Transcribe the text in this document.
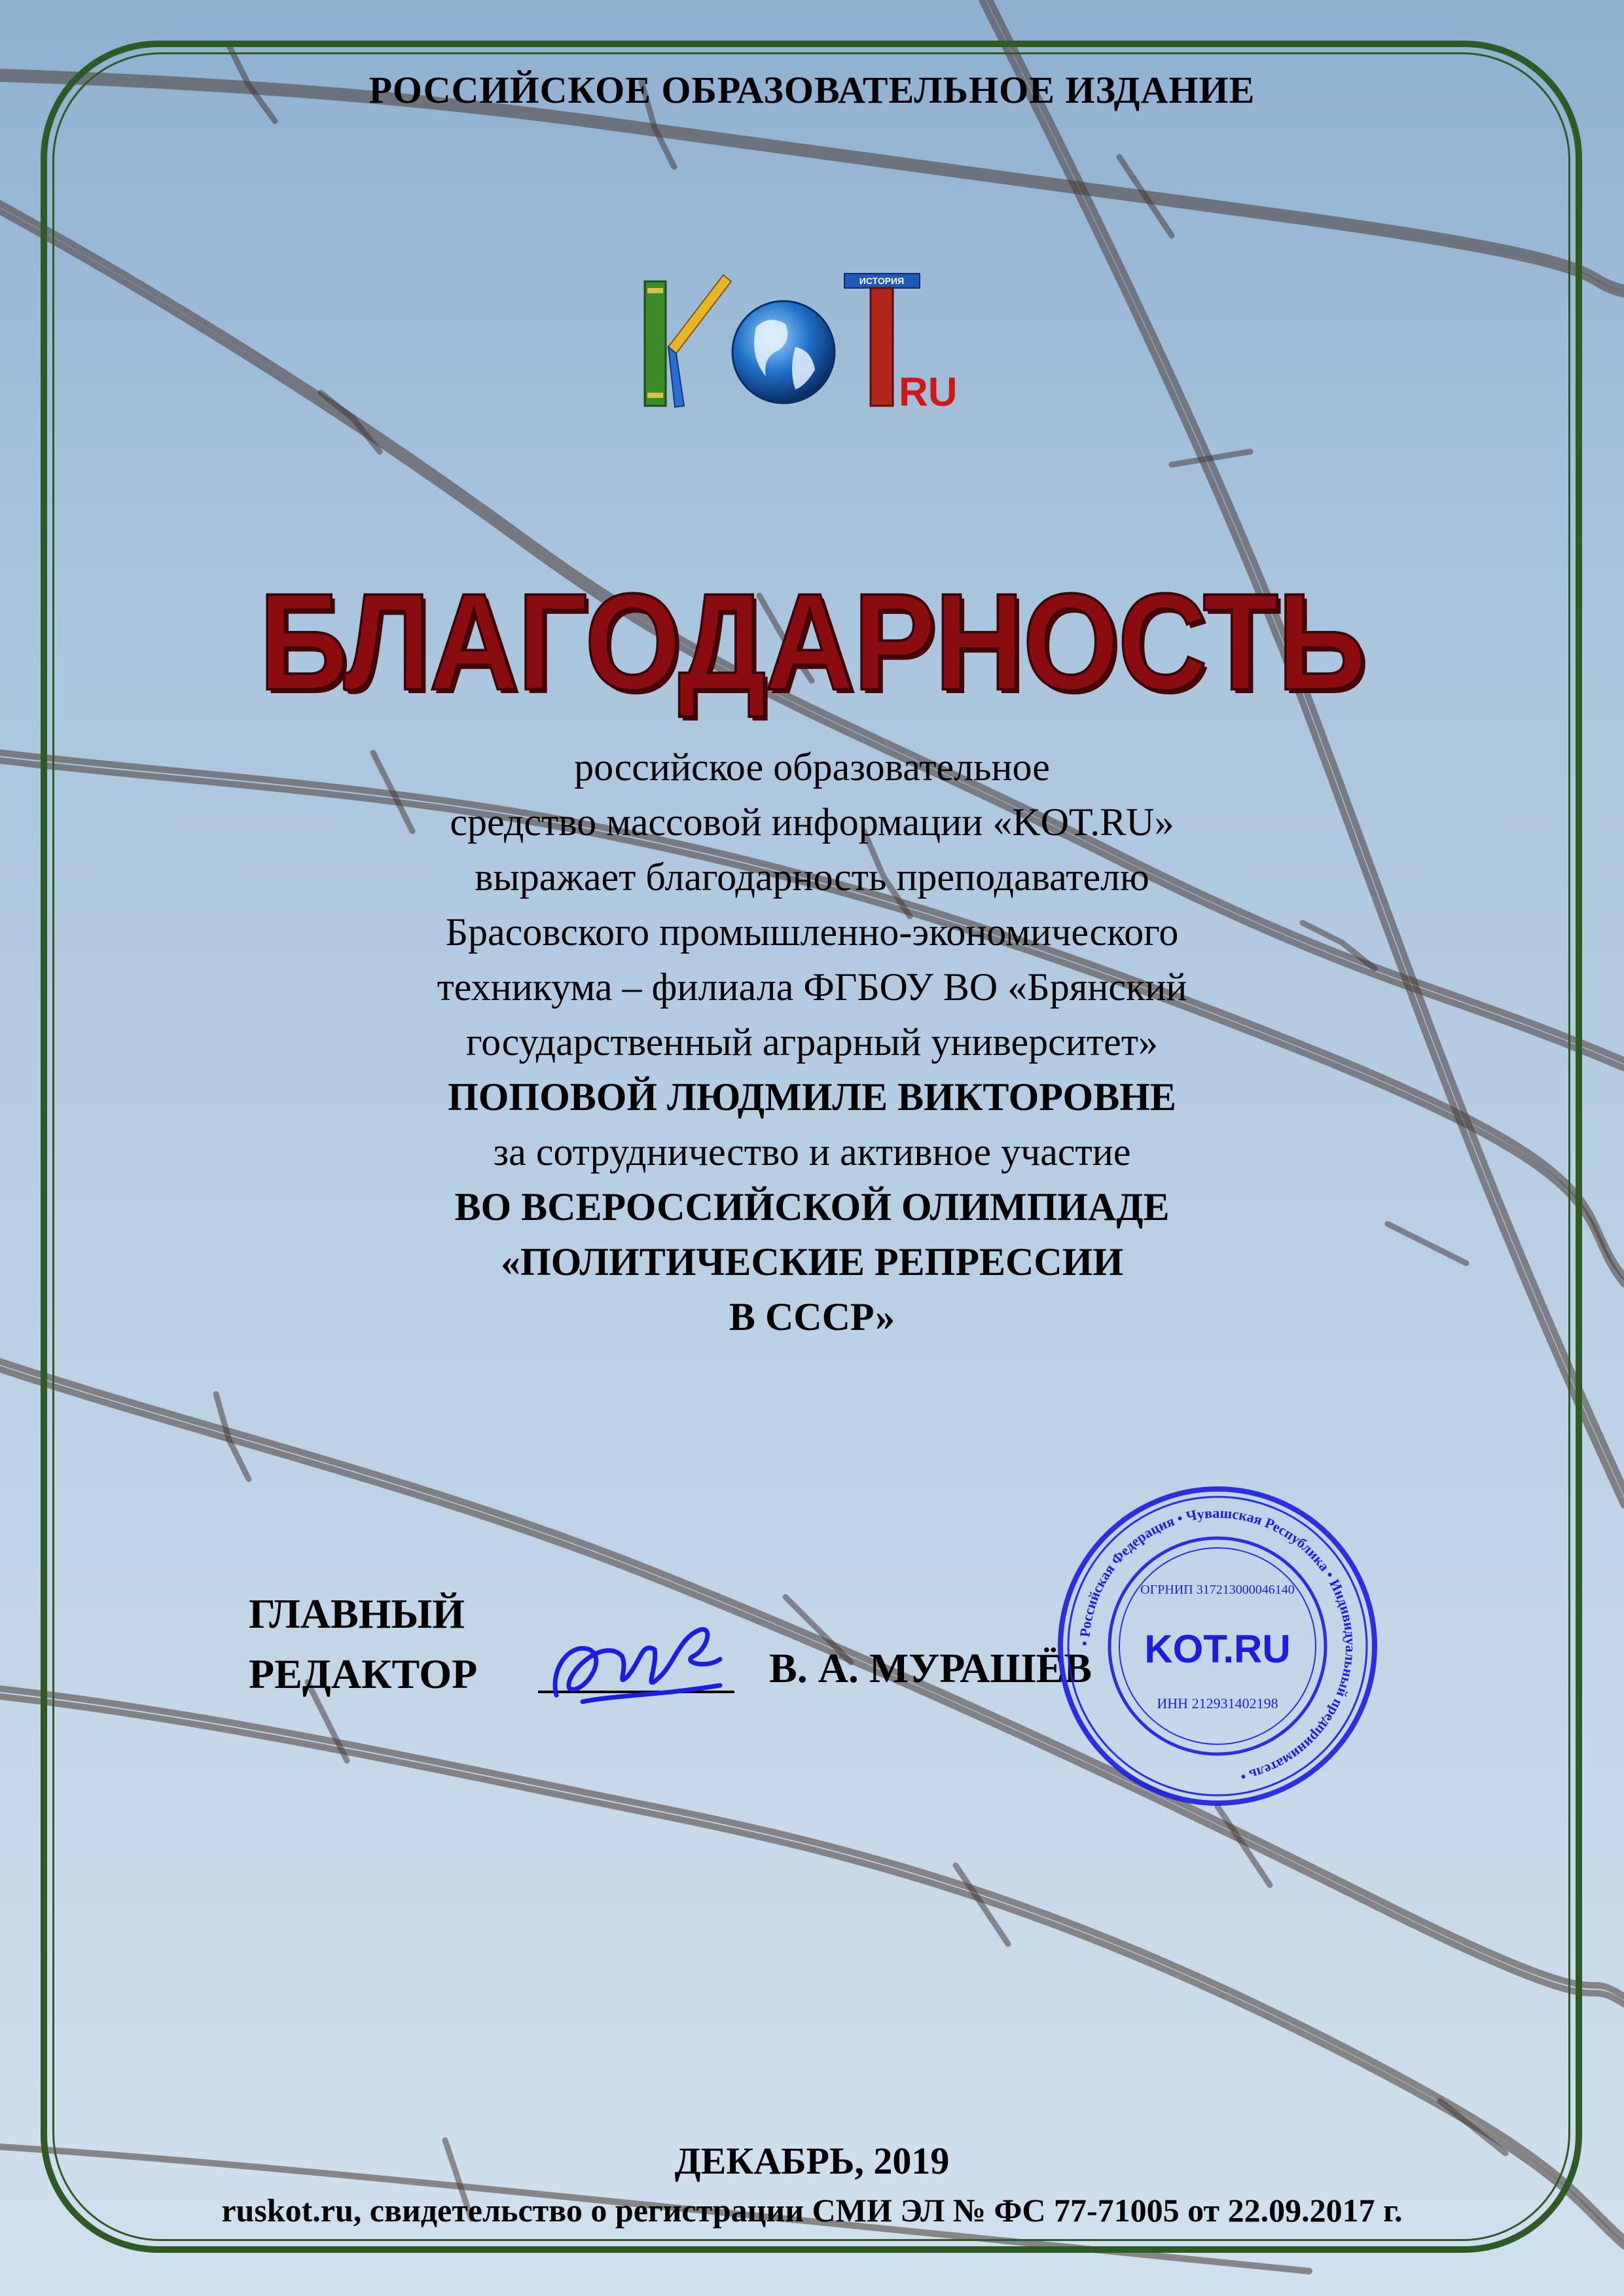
РОССИЙСКОЕ ОБРАЗОВАТЕЛЬНОЕ ИЗДАНИЕ
ИСТОРИЯ
RU
БЛАГОДАРНОСТЬ
российское образовательное
средство массовой информации «KOT.RU»
выражает благодарность преподавателю
Брасовского промышленно-экономического
техникума – филиала ФГБОУ ВО «Брянский
государственный аграрный университет»
ПОПОВОЙ ЛЮДМИЛЕ ВИКТОРОВНЕ
за сотрудничество и активное участие
ВО ВСЕРОССИЙСКОЙ ОЛИМПИАДЕ
«ПОЛИТИЧЕСКИЕ РЕПРЕССИИ
В СССР»
ГЛАВНЫЙ
РЕДАКТОР	В. А. МУРАШЁВ
• Российская Федерация • Чувашская Республика • Индивидуальный предприниматель •
ОГРНИП 317213000046140
KOT.RU
ИНН 212931402198
ДЕКАБРЬ, 2019
ruskot.ru, свидетельство о регистрации СМИ ЭЛ № ФС 77-71005 от 22.09.2017 г.
